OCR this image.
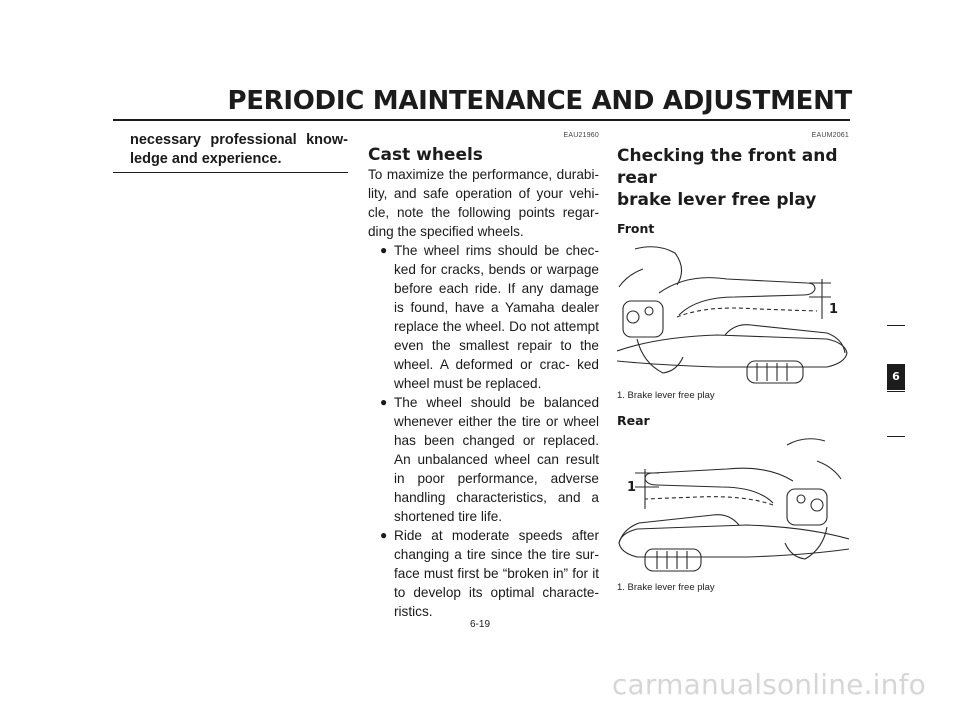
PERIODIC MAINTENANCE AND ADJUSTMENT
necessary professional know- ledge and experience.
EAU21960
Cast wheels

To maximize the performance, durabi- lity, and safe operation of your vehi- cle, note the following points regar- ding the specified wheels.

● The wheel rims should be chec- ked for cracks, bends or warpage before each ride. If any damage is found, have a Yamaha dealer replace the wheel. Do not attempt even the smallest repair to the wheel. A deformed or crac- ked wheel must be replaced.
● The wheel should be balanced whenever either the tire or wheel has been changed or replaced. An unbalanced wheel can result in poor performance, adverse handling characteristics, and a shortened tire life.
● Ride at moderate speeds after changing a tire since the tire sur- face must first be “broken in” for it to develop its optimal characte- ristics.
EAUM2061
Checking the front and rear
brake lever free play
Front
1
1. Brake lever free play
Rear
1
1. Brake lever free play
6-19
6
carmanualsonline.info
